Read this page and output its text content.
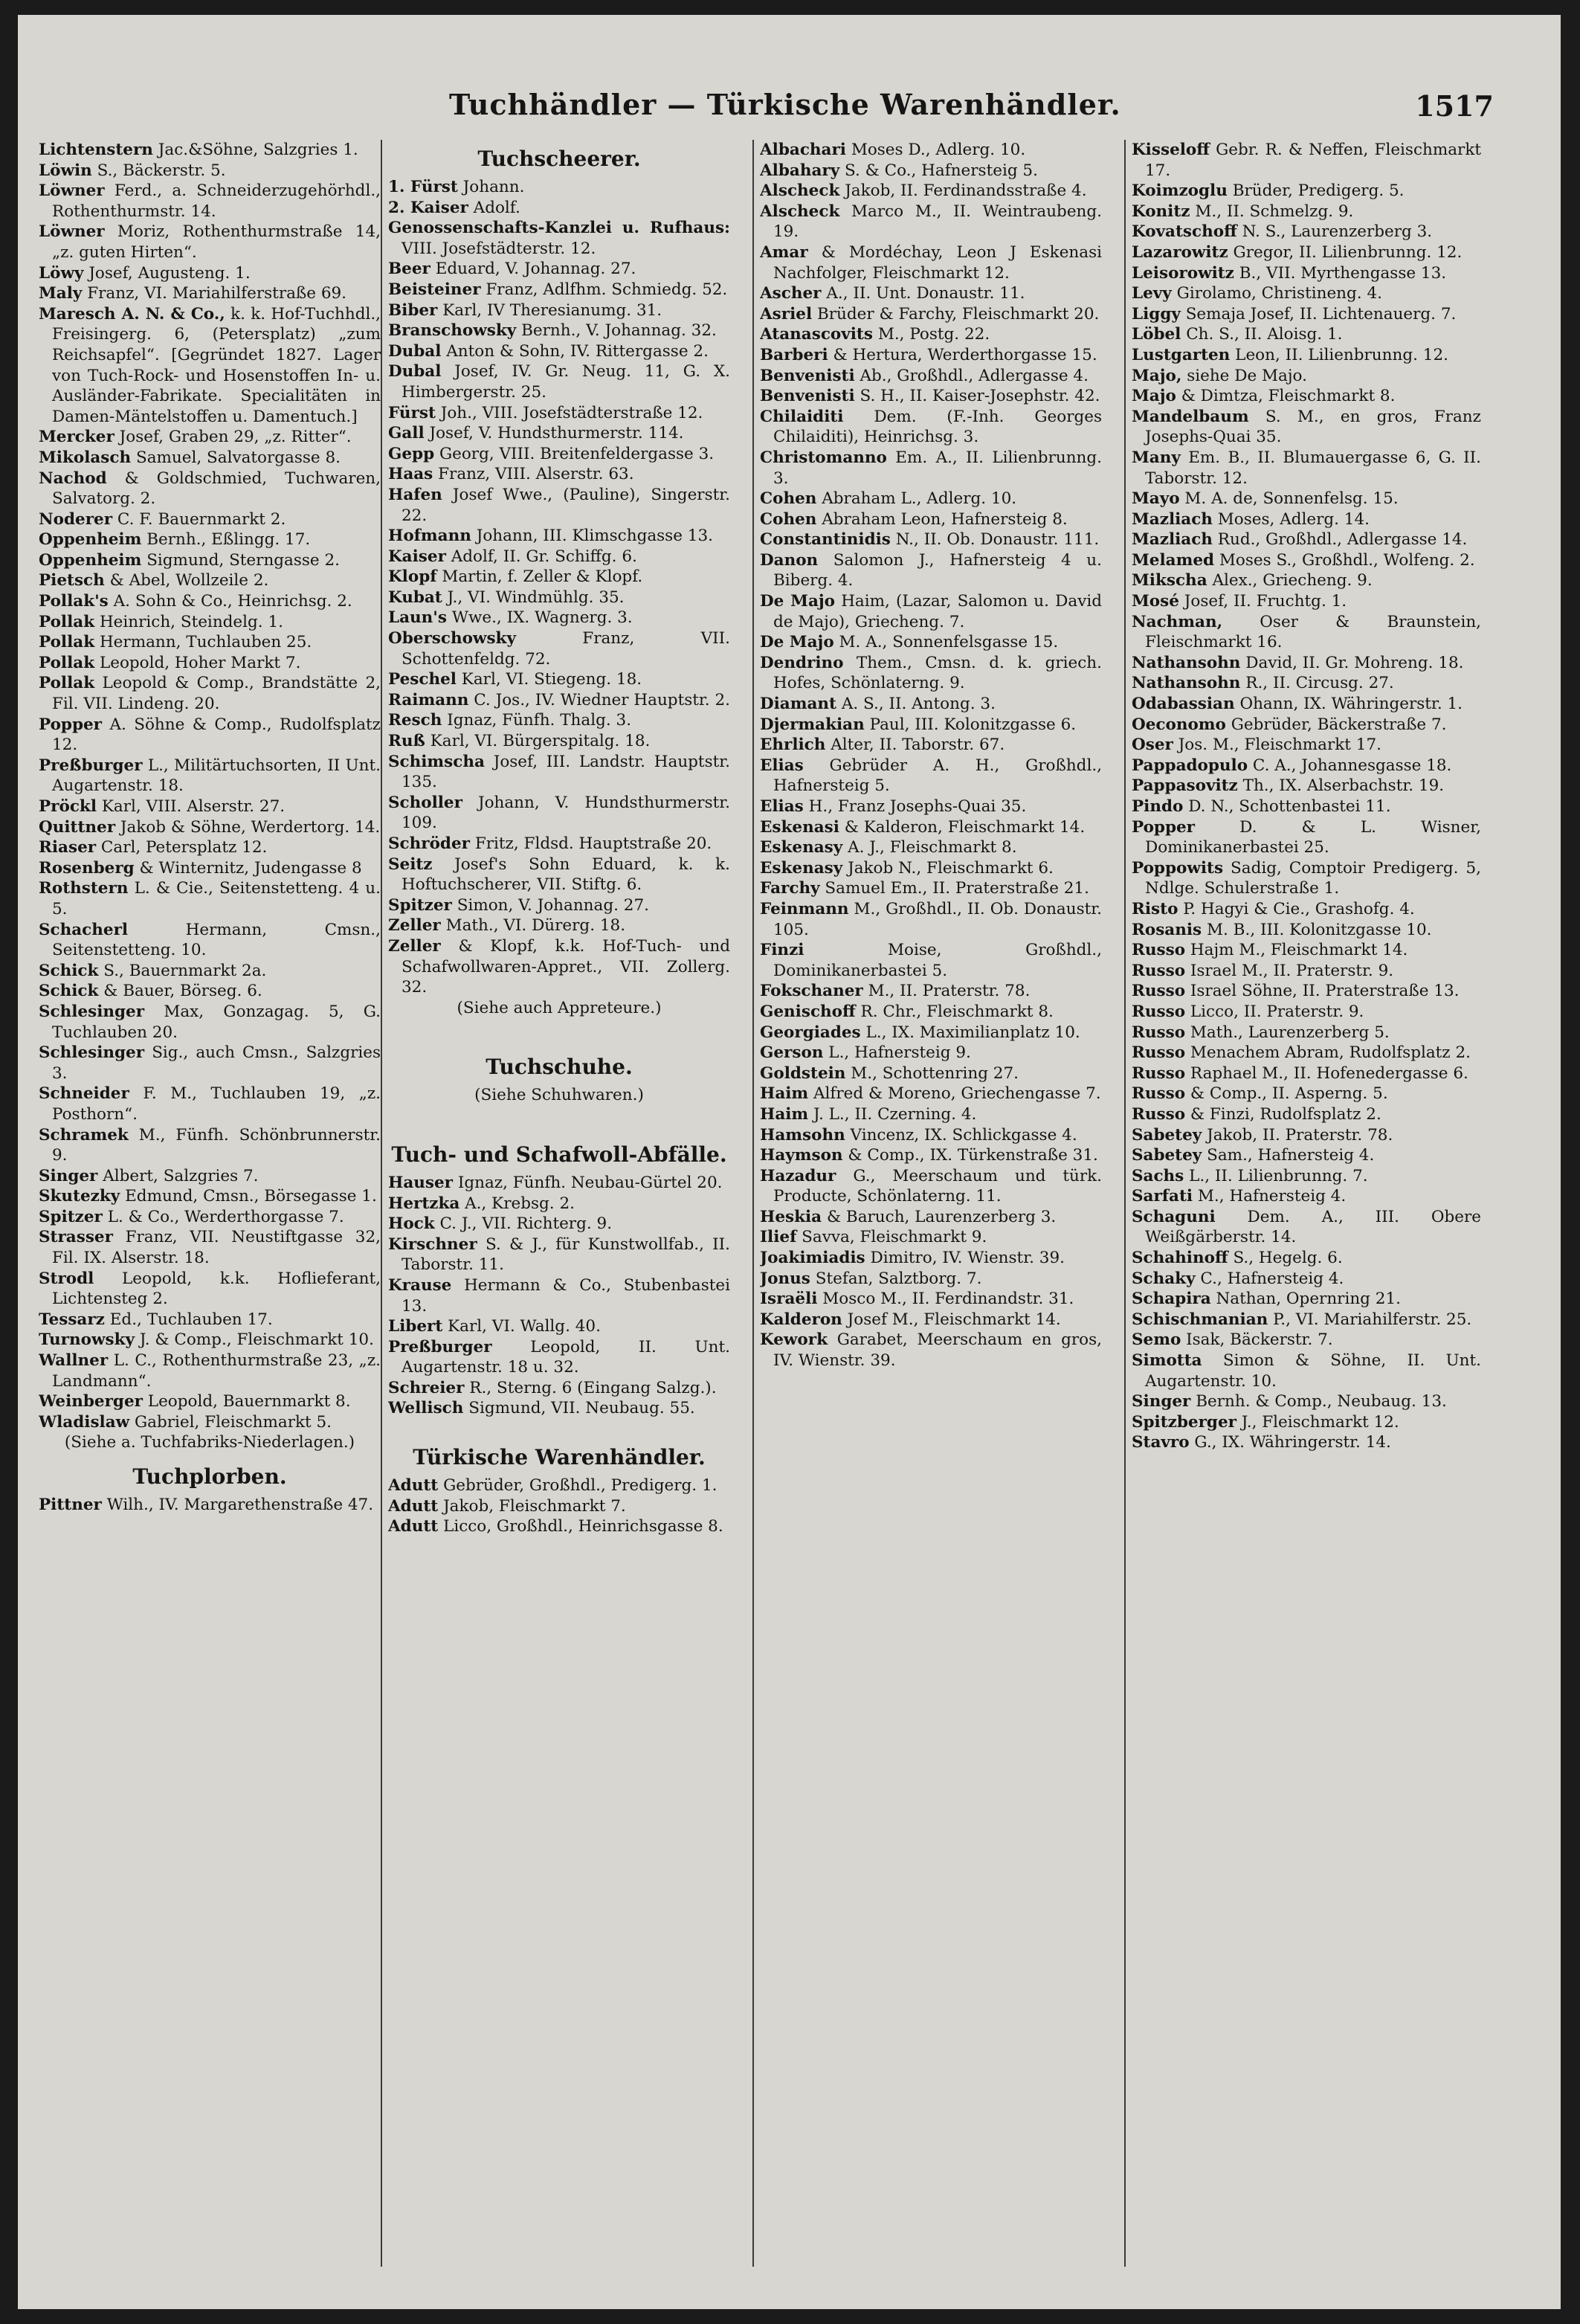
Tuchhändler — Türkische Warenhändler.	1517

Lichtenstern Jac.&Söhne, Salzgries 1.

Löwin S., Bäckerstr. 5.

Löwner Ferd., a. Schneiderzugehörhdl., Rothenthurmstr. 14.

Löwner Moriz, Rothenthurmstraße 14, „z. guten Hirten“.

Löwy Josef, Augusteng. 1.

Maly Franz, VI. Mariahilferstraße 69.

Maresch A. N. & Co., k. k. Hof-Tuchhdl., Freisingerg. 6, (Petersplatz) „zum Reichsapfel“. [Gegründet 1827. Lager von Tuch-Rock- und Hosenstoffen In- u. Ausländer-Fabrikate. Specialitäten in Damen-Mäntelstoffen u. Damentuch.]

Mercker Josef, Graben 29, „z. Ritter“.

Mikolasch Samuel, Salvatorgasse 8.

Nachod & Goldschmied, Tuchwaren, Salvatorg. 2.

Noderer C. F. Bauernmarkt 2.

Oppenheim Bernh., Eßlingg. 17.

Oppenheim Sigmund, Sterngasse 2.

Pietsch & Abel, Wollzeile 2.

Pollak's A. Sohn & Co., Heinrichsg. 2.

Pollak Heinrich, Steindelg. 1.

Pollak Hermann, Tuchlauben 25.

Pollak Leopold, Hoher Markt 7.

Pollak Leopold & Comp., Brandstätte 2, Fil. VII. Lindeng. 20.

Popper A. Söhne & Comp., Rudolfsplatz 12.

Preßburger L., Militärtuchsorten, II Unt. Augartenstr. 18.

Pröckl Karl, VIII. Alserstr. 27.

Quittner Jakob & Söhne, Werdertorg. 14.

Riaser Carl, Petersplatz 12.

Rosenberg & Winternitz, Judengasse 8

Rothstern L. & Cie., Seitenstetteng. 4 u. 5.

Schacherl	Hermann, Cmsn., Seitenstetteng. 10.

Schick S., Bauernmarkt 2a.

Schick & Bauer, Börseg. 6.

Schlesinger Max, Gonzagag. 5, G. Tuchlauben 20.

Schlesinger Sig., auch Cmsn., Salzgries 3.

Schneider F. M., Tuchlauben 19, „z. Posthorn“.

Schramek M., Fünfh. Schönbrunnerstr. 9.

Singer Albert, Salzgries 7.

Skutezky Edmund, Cmsn., Börsegasse 1.

Spitzer L. & Co., Werderthorgasse 7.

Strasser Franz, VII. Neustiftgasse 32, Fil. IX. Alserstr. 18.

Strodl Leopold, k.k. Hoflieferant, Lichtensteg 2.

Tessarz Ed., Tuchlauben 17.

Turnowsky J. & Comp., Fleischmarkt 10.

Wallner L. C., Rothenthurmstraße 23, „z. Landmann“.

Weinberger Leopold, Bauernmarkt 8.

Wladislaw Gabriel, Fleischmarkt 5.

(Siehe a. Tuchfabriks-Niederlagen.)
Tuchplorben.

Pittner Wilh., IV. Margarethenstraße 47.

Tuchscheerer.

1. Fürst Johann.

2. Kaiser Adolf.

Genossenschafts-Kanzlei u. Rufhaus: VIII. Josefstädterstr. 12.

Beer Eduard, V. Johannag. 27.

Beisteiner Franz, Adlfhm. Schmiedg. 52.

Biber Karl, IV Theresianumg. 31.

Branschowsky Bernh., V. Johannag. 32.

Dubal Anton & Sohn, IV. Rittergasse 2.

Dubal Josef, IV. Gr. Neug. 11, G. X. Himbergerstr. 25.

Fürst Joh., VIII. Josefstädterstraße 12.

Gall Josef, V. Hundsthurmerstr. 114.

Gepp Georg, VIII. Breitenfeldergasse 3.

Haas Franz, VIII. Alserstr. 63.

Hafen Josef Wwe., (Pauline), Singerstr. 22.

Hofmann Johann, III. Klimschgasse 13.

Kaiser Adolf, II. Gr. Schiffg. 6.

Klopf Martin, f. Zeller & Klopf.

Kubat J., VI. Windmühlg. 35.

Laun's Wwe., IX. Wagnerg. 3.

Oberschowsky	Franz, VII. Schottenfeldg. 72.

Peschel Karl, VI. Stiegeng. 18.

Raimann C. Jos., IV. Wiedner Hauptstr. 2.

Resch Ignaz, Fünfh. Thalg. 3.

Ruß Karl, VI. Bürgerspitalg. 18.

Schimscha Josef, III. Landstr. Hauptstr. 135.

Scholler Johann, V. Hundsthurmerstr. 109.

Schröder Fritz, Fldsd. Hauptstraße 20.

Seitz Josef's Sohn Eduard, k. k. Hoftuchscherer, VII. Stiftg. 6.

Spitzer Simon, V. Johannag. 27.

Zeller Math., VI. Dürerg. 18.

Zeller & Klopf, k.k. Hof-Tuch- und Schafwollwaren-Appret., VII. Zollerg. 32.

(Siehe auch Appreteure.)
Tuchschuhe.
(Siehe Schuhwaren.)
Tuch- und Schafwoll-Abfälle.

Hauser Ignaz, Fünfh. Neubau-Gürtel 20.

Hertzka A., Krebsg. 2.

Hock C. J., VII. Richterg. 9.

Kirschner S. & J., für Kunstwollfab., II. Taborstr. 11.

Krause Hermann & Co., Stubenbastei 13.

Libert Karl, VI. Wallg. 40.

Preßburger Leopold, II. Unt. Augartenstr. 18 u. 32.

Schreier R., Sterng. 6 (Eingang Salzg.).

Wellisch Sigmund, VII. Neubaug. 55.

Türkische Warenhändler.

Adutt Gebrüder, Großhdl., Predigerg. 1.

Adutt Jakob, Fleischmarkt 7.

Adutt Licco, Großhdl., Heinrichsgasse 8.

Albachari Moses D., Adlerg. 10.

Albahary S. & Co., Hafnersteig 5.

Alscheck Jakob, II. Ferdinandsstraße 4.

Alscheck Marco M., II. Weintraubeng. 19.

Amar & Mordéchay, Leon J Eskenasi Nachfolger, Fleischmarkt 12.

Ascher A., II. Unt. Donaustr. 11.

Asriel Brüder & Farchy, Fleischmarkt 20.

Atanascovits M., Postg. 22.

Barberi & Hertura, Werderthorgasse 15.

Benvenisti Ab., Großhdl., Adlergasse 4.

Benvenisti S. H., II. Kaiser-Josephstr. 42.

Chilaiditi Dem. (F.-Inh. Georges Chilaiditi), Heinrichsg. 3.

Christomanno Em. A., II. Lilienbrunng. 3.

Cohen Abraham L., Adlerg. 10.

Cohen Abraham Leon, Hafnersteig 8.

Constantinidis N., II. Ob. Donaustr. 111.

Danon Salomon J., Hafnersteig 4 u. Biberg. 4.

De Majo Haim, (Lazar, Salomon u. David de Majo), Griecheng. 7.

De Majo M. A., Sonnenfelsgasse 15.

Dendrino Them., Cmsn. d. k. griech. Hofes, Schönlaterng. 9.

Diamant A. S., II. Antong. 3.

Djermakian Paul, III. Kolonitzgasse 6.

Ehrlich Alter, II. Taborstr. 67.

Elias Gebrüder A. H., Großhdl., Hafnersteig 5.

Elias H., Franz Josephs-Quai 35.

Eskenasi & Kalderon, Fleischmarkt 14.

Eskenasy A. J., Fleischmarkt 8.

Eskenasy Jakob N., Fleischmarkt 6.

Farchy Samuel Em., II. Praterstraße 21.

Feinmann M., Großhdl., II. Ob. Donaustr. 105.

Finzi	Moise, Großhdl., Dominikanerbastei 5.

Fokschaner M., II. Praterstr. 78.

Genischoff R. Chr., Fleischmarkt 8.

Georgiades L., IX. Maximilianplatz 10.

Gerson L., Hafnersteig 9.

Goldstein M., Schottenring 27.

Haim Alfred & Moreno, Griechengasse 7.

Haim J. L., II. Czerning. 4.

Hamsohn Vincenz, IX. Schlickgasse 4.

Haymson & Comp., IX. Türkenstraße 31.

Hazadur G., Meerschaum und türk. Producte, Schönlaterng. 11.

Heskia & Baruch, Laurenzerberg 3.

Ilief Savva, Fleischmarkt 9.

Joakimiadis Dimitro, IV. Wienstr. 39.

Jonus Stefan, Salztborg. 7.

Israëli Mosco M., II. Ferdinandstr. 31.

Kalderon Josef M., Fleischmarkt 14.

Kework Garabet, Meerschaum en gros, IV. Wienstr. 39.

Kisseloff Gebr. R. & Neffen, Fleischmarkt 17.

Koimzoglu Brüder, Predigerg. 5.

Konitz M., II. Schmelzg. 9.

Kovatschoff N. S., Laurenzerberg 3.

Lazarowitz Gregor, II. Lilienbrunng. 12.

Leisorowitz B., VII. Myrthengasse 13.

Levy Girolamo, Christineng. 4.

Liggy Semaja Josef, II. Lichtenauerg. 7.

Löbel Ch. S., II. Aloisg. 1.

Lustgarten Leon, II. Lilienbrunng. 12.

Majo, siehe De Majo.

Majo & Dimtza, Fleischmarkt 8.

Mandelbaum S. M., en gros, Franz Josephs-Quai 35.

Many Em. B., II. Blumauergasse 6, G. II. Taborstr. 12.

Mayo M. A. de, Sonnenfelsg. 15.

Mazliach Moses, Adlerg. 14.

Mazliach Rud., Großhdl., Adlergasse 14.

Melamed Moses S., Großhdl., Wolfeng. 2.

Mikscha Alex., Griecheng. 9.

Mosé Josef, II. Fruchtg. 1.

Nachman, Oser & Braunstein, Fleischmarkt 16.

Nathansohn David, II. Gr. Mohreng. 18.

Nathansohn R., II. Circusg. 27.

Odabassian Ohann, IX. Währingerstr. 1.

Oeconomo Gebrüder, Bäckerstraße 7.

Oser Jos. M., Fleischmarkt 17.

Pappadopulo C. A., Johannesgasse 18.

Pappasovitz Th., IX. Alserbachstr. 19.

Pindo D. N., Schottenbastei 11.

Popper	D. & L. Wisner, Dominikanerbastei 25.

Poppowits Sadig, Comptoir Predigerg. 5, Ndlge. Schulerstraße 1.

Risto P. Hagyi & Cie., Grashofg. 4.

Rosanis M. B., III. Kolonitzgasse 10.

Russo Hajm M., Fleischmarkt 14.

Russo Israel M., II. Praterstr. 9.

Russo Israel Söhne, II. Praterstraße 13.

Russo Licco, II. Praterstr. 9.

Russo Math., Laurenzerberg 5.

Russo Menachem Abram, Rudolfsplatz 2.

Russo Raphael M., II. Hofenedergasse 6.

Russo & Comp., II. Asperng. 5.

Russo & Finzi, Rudolfsplatz 2.

Sabetey Jakob, II. Praterstr. 78.

Sabetey Sam., Hafnersteig 4.

Sachs L., II. Lilienbrunng. 7.

Sarfati M., Hafnersteig 4.

Schaguni Dem. A., III. Obere Weißgärberstr. 14.

Schahinoff S., Hegelg. 6.

Schaky C., Hafnersteig 4.

Schapira Nathan, Opernring 21.

Schischmanian P., VI. Mariahilferstr. 25.

Semo Isak, Bäckerstr. 7.

Simotta Simon & Söhne, II. Unt. Augartenstr. 10.

Singer Bernh. & Comp., Neubaug. 13.

Spitzberger J., Fleischmarkt 12.

Stavro G., IX. Währingerstr. 14.
